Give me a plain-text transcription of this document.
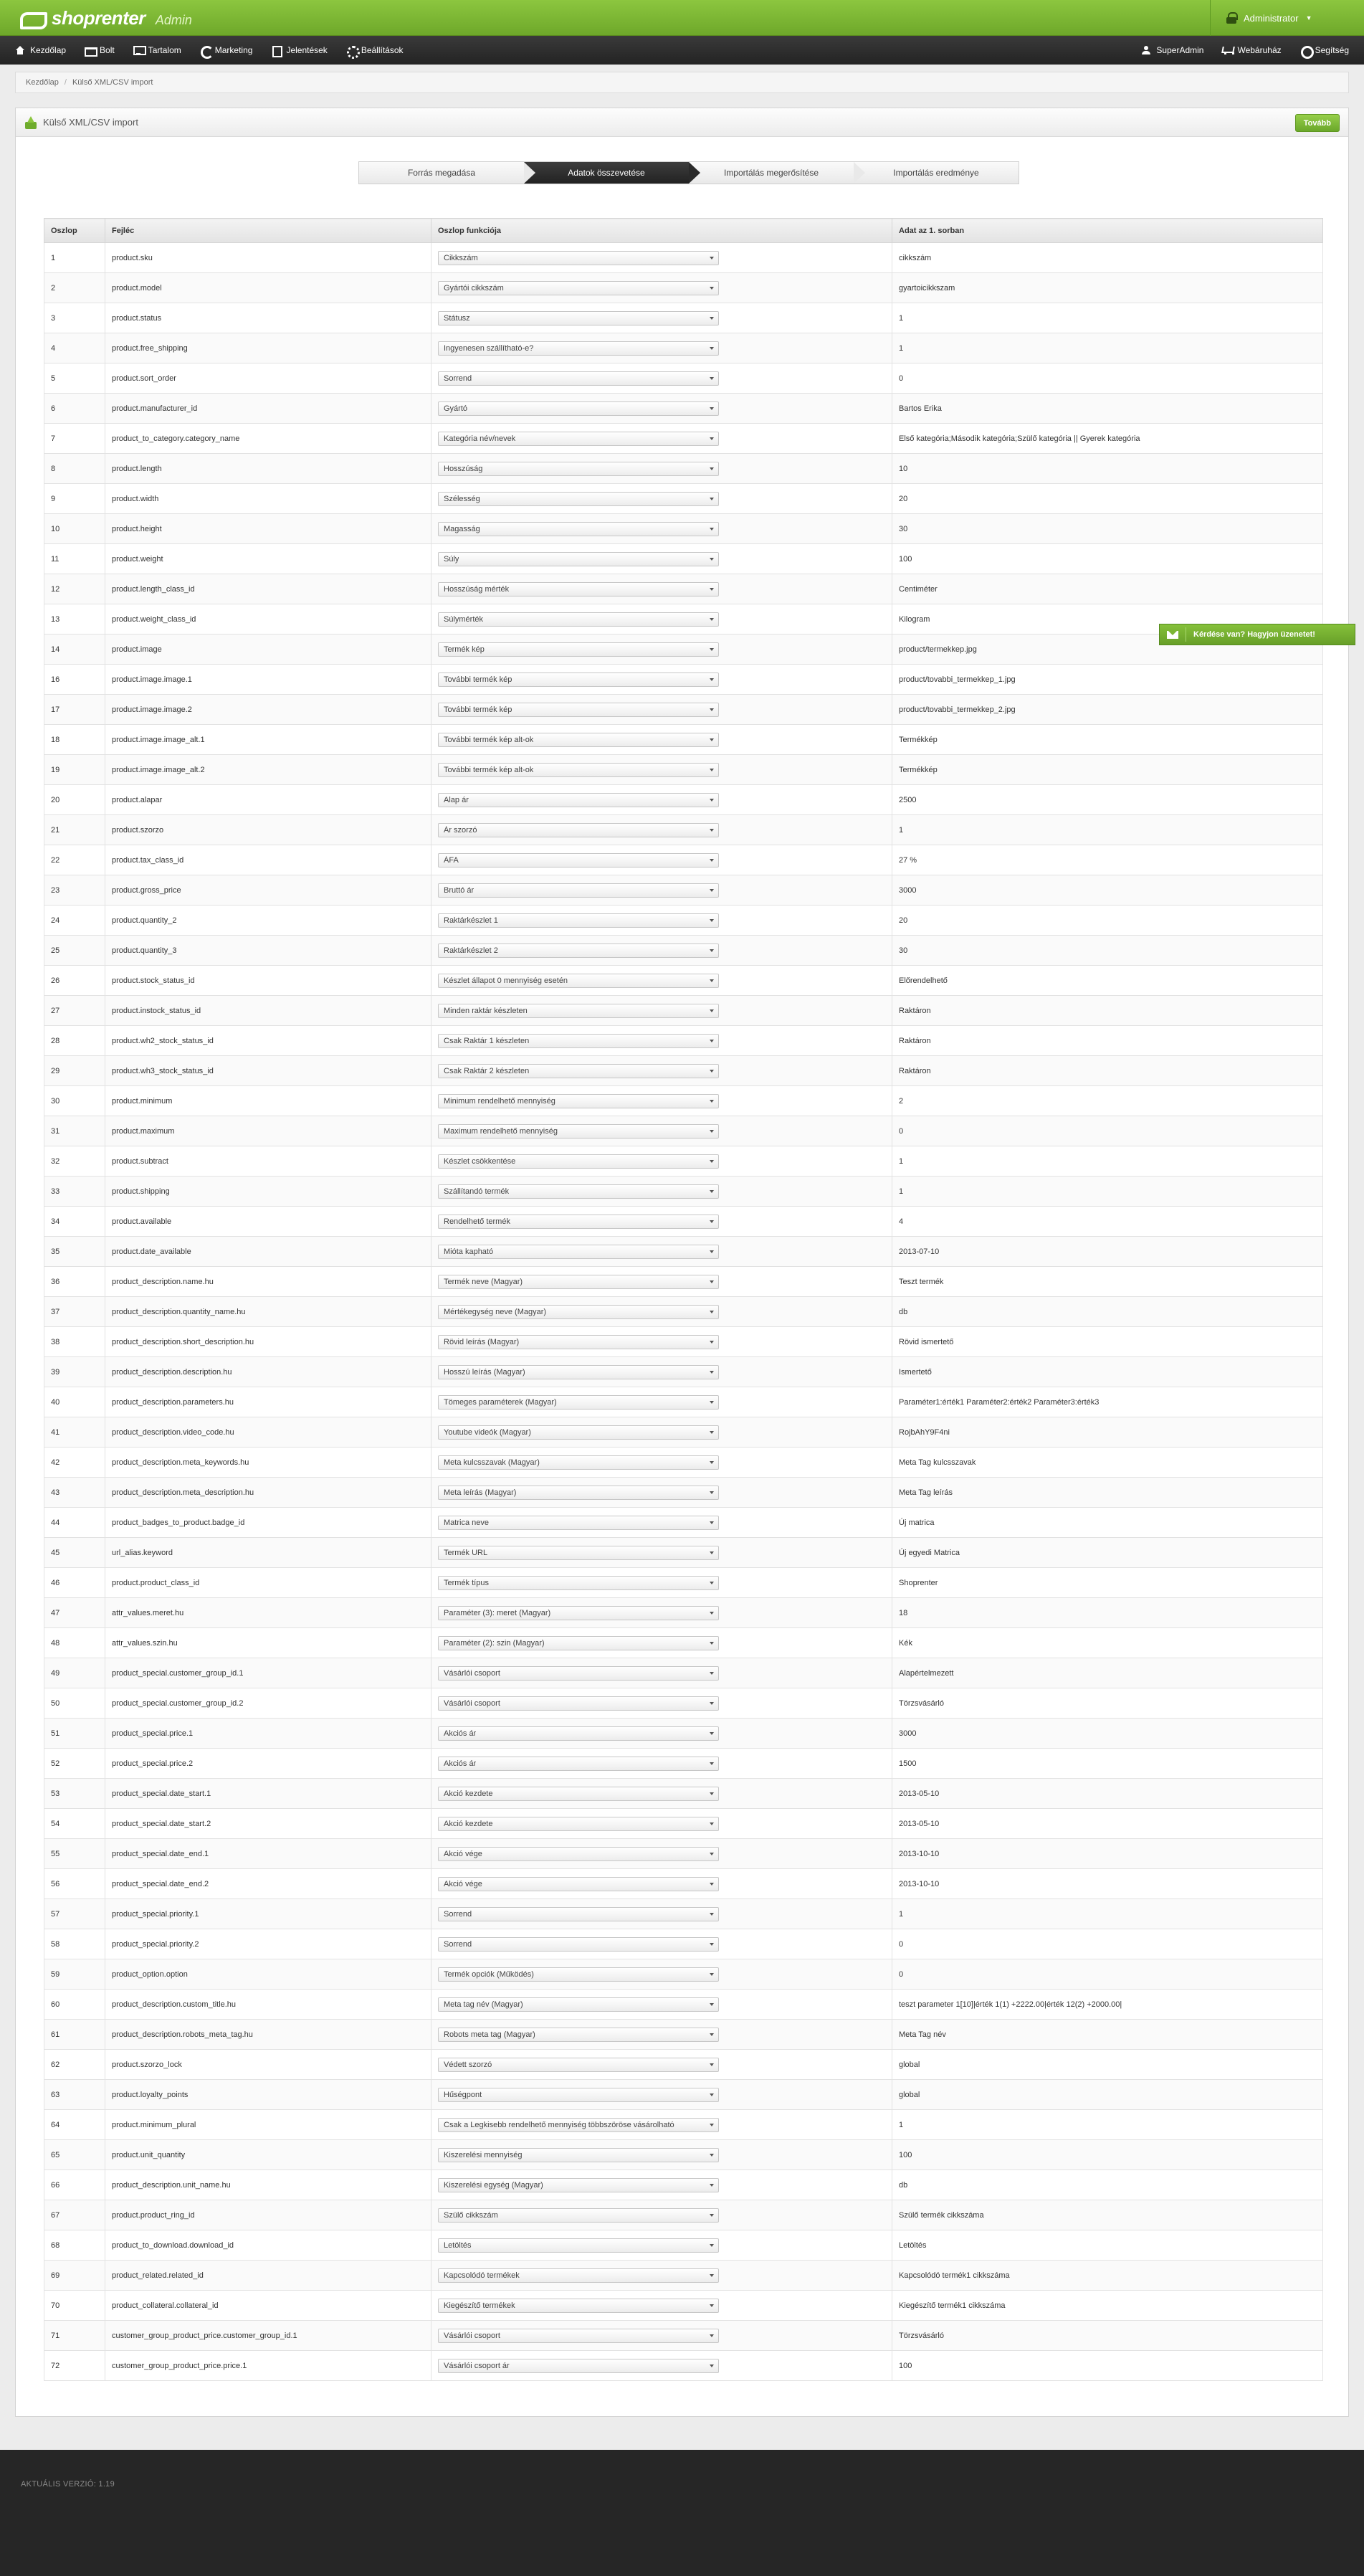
shoprenter Admin	Administrator ▼
Kezdőlap	Bolt	Tartalom	Marketing	Jelentések	Beállítások	SuperAdmin	Webáruház	Segítség
Kezdőlap / Külső XML/CSV import
Külső XML/CSV import	Tovább
Forrás megadása	Adatok összevetése	Importálás megerősítése	Importálás eredménye
Oszlop	Fejléc	Oszlop funkciója	Adat az 1. sorban
1	product.sku	Cikkszám	cikkszám
2	product.model	Gyártói cikkszám	gyartoicikkszam
3	product.status	Státusz	1
4	product.free_shipping	Ingyenesen szállítható-e?	1
5	product.sort_order	Sorrend	0
6	product.manufacturer_id	Gyártó	Bartos Erika
7	product_to_category.category_name	Kategória név/nevek	Első kategória;Második kategória;Szülő kategória || Gyerek kategória
8	product.length	Hosszúság	10
9	product.width	Szélesség	20
10	product.height	Magasság	30
11	product.weight	Súly	100
12	product.length_class_id	Hosszúság mérték	Centiméter
13	product.weight_class_id	Súlymérték	Kilogram
14	product.image	Termék kép	product/termekkep.jpg
16	product.image.image.1	További termék kép	product/tovabbi_termekkep_1.jpg
17	product.image.image.2	További termék kép	product/tovabbi_termekkep_2.jpg
18	product.image.image_alt.1	További termék kép alt-ok	Termékkép
19	product.image.image_alt.2	További termék kép alt-ok	Termékkép
20	product.alapar	Alap ár	2500
21	product.szorzo	Ár szorzó	1
22	product.tax_class_id	ÁFA	27 %
23	product.gross_price	Bruttó ár	3000
24	product.quantity_2	Raktárkészlet 1	20
25	product.quantity_3	Raktárkészlet 2	30
26	product.stock_status_id	Készlet állapot 0 mennyiség esetén	Előrendelhető
27	product.instock_status_id	Minden raktár készleten	Raktáron
28	product.wh2_stock_status_id	Csak Raktár 1 készleten	Raktáron
29	product.wh3_stock_status_id	Csak Raktár 2 készleten	Raktáron
30	product.minimum	Minimum rendelhető mennyiség	2
31	product.maximum	Maximum rendelhető mennyiség	0
32	product.subtract	Készlet csökkentése	1
33	product.shipping	Szállítandó termék	1
34	product.available	Rendelhető termék	4
35	product.date_available	Mióta kapható	2013-07-10
36	product_description.name.hu	Termék neve (Magyar)	Teszt termék
37	product_description.quantity_name.hu	Mértékegység neve (Magyar)	db
38	product_description.short_description.hu	Rövid leírás (Magyar)	Rövid ismertető
39	product_description.description.hu	Hosszú leírás (Magyar)	Ismertető
40	product_description.parameters.hu	Tömeges paraméterek (Magyar)	Paraméter1:érték1 Paraméter2:érték2 Paraméter3:érték3
41	product_description.video_code.hu	Youtube videók (Magyar)	RojbAhY9F4ni
42	product_description.meta_keywords.hu	Meta kulcsszavak (Magyar)	Meta Tag kulcsszavak
43	product_description.meta_description.hu	Meta leírás (Magyar)	Meta Tag leírás
44	product_badges_to_product.badge_id	Matrica neve	Új matrica
45	url_alias.keyword	Termék URL	Új egyedi Matrica
46	product.product_class_id	Termék típus	Shoprenter
47	attr_values.meret.hu	Paraméter (3): meret (Magyar)	18
48	attr_values.szin.hu	Paraméter (2): szin (Magyar)	Kék
49	product_special.customer_group_id.1	Vásárlói csoport	Alapértelmezett
50	product_special.customer_group_id.2	Vásárlói csoport	Törzsvásárló
51	product_special.price.1	Akciós ár	3000
52	product_special.price.2	Akciós ár	1500
53	product_special.date_start.1	Akció kezdete	2013-05-10
54	product_special.date_start.2	Akció kezdete	2013-05-10
55	product_special.date_end.1	Akció vége	2013-10-10
56	product_special.date_end.2	Akció vége	2013-10-10
57	product_special.priority.1	Sorrend	1
58	product_special.priority.2	Sorrend	0
59	product_option.option	Termék opciók (Működés)	0
60	product_description.custom_title.hu	Meta tag név (Magyar)	teszt parameter 1[10]|érték 1(1) +2222.00|érték 12(2) +2000.00|
61	product_description.robots_meta_tag.hu	Robots meta tag (Magyar)	Meta Tag név
62	product.szorzo_lock	Védett szorzó	global
63	product.loyalty_points	Hűségpont	global
64	product.minimum_plural	Csak a Legkisebb rendelhető mennyiség többszöröse vásárolható	1
65	product.unit_quantity	Kiszerelési mennyiség	100
66	product_description.unit_name.hu	Kiszerelési egység (Magyar)	db
67	product.product_ring_id	Szülő cikkszám	Szülő termék cikkszáma
68	product_to_download.download_id	Letöltés	Letöltés
69	product_related.related_id	Kapcsolódó termékek	Kapcsolódó termék1 cikkszáma
70	product_collateral.collateral_id	Kiegészítő termékek	Kiegészítő termék1 cikkszáma
71	customer_group_product_price.customer_group_id.1	Vásárlói csoport	Törzsvásárló
72	customer_group_product_price.price.1	Vásárlói csoport ár	100
Kérdése van? Hagyjon üzenetet!
AKTUÁLIS VERZIÓ: 1.19
